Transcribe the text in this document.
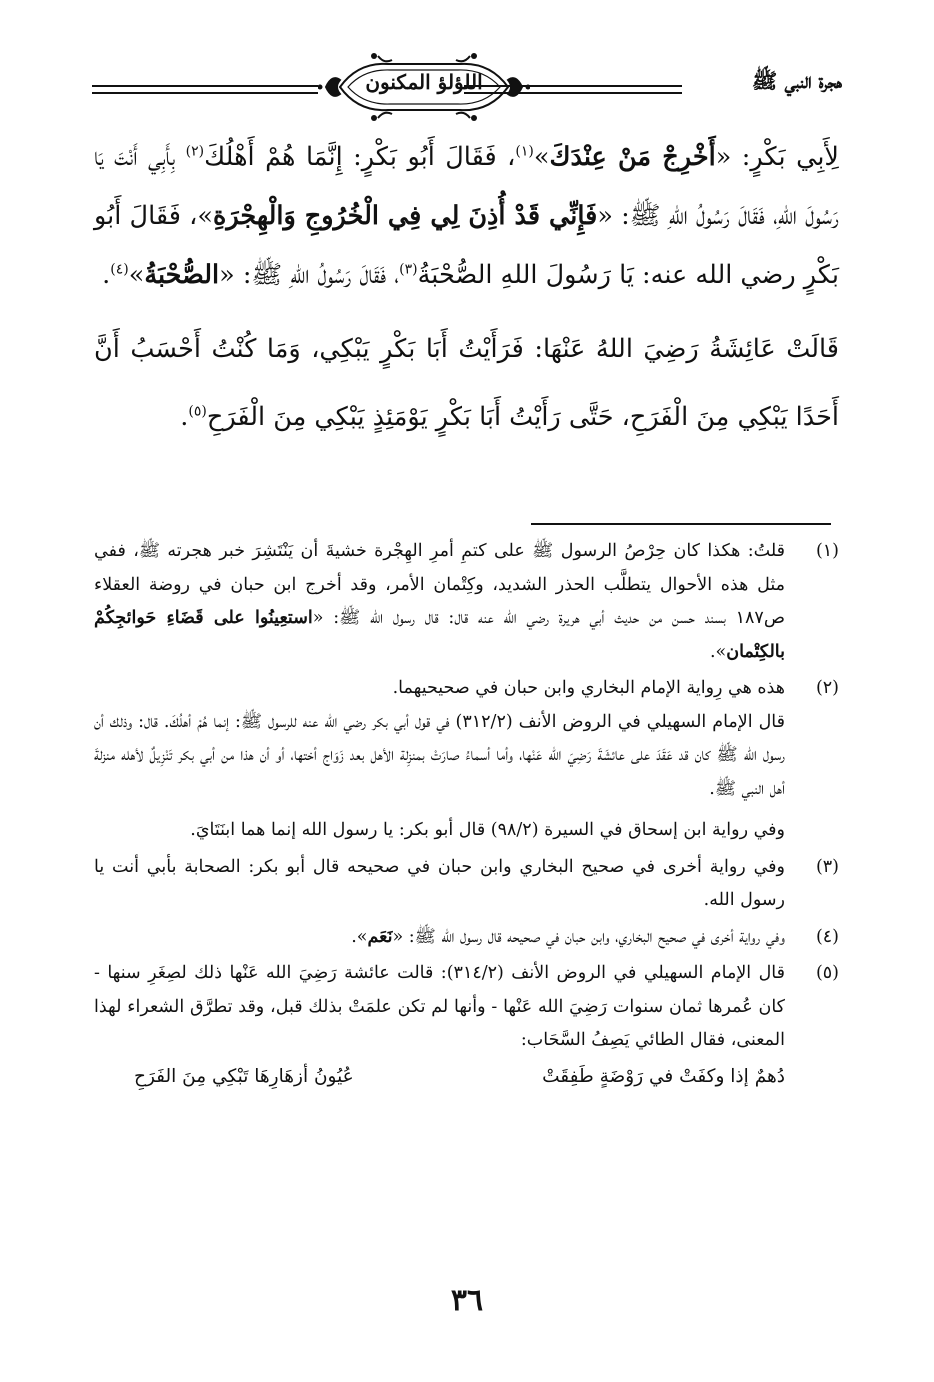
هجرة النبي ﷺ
اللؤلؤ المكنون

لِأَبِي بَكْرٍ: «أَخْرِجْ مَنْ عِنْدَكَ»$^{(١)}$، فَقَالَ أَبُو بَكْرٍ: إِنَّمَا هُمْ أَهْلُكَ$^{(٢)}$ بِأَبِي أَنْتَ يَا رَسُولَ اللهِ، فَقَالَ رَسُولُ اللهِ ﷺ: «فَإِنِّي قَدْ أُذِنَ لِي فِي الْخُرُوجِ وَالْهِجْرَةِ»، فَقَالَ أَبُو بَكْرٍ رضي الله عنه: يَا رَسُولَ اللهِ الصُّحْبَةُ$^{(٣)}$، فَقَالَ رَسُولُ اللهِ ﷺ: «الصُّحْبَةُ»$^{(٤)}$.

قَالَتْ عَائِشَةُ رَضِيَ اللهُ عَنْهَا: فَرَأَيْتُ أَبَا بَكْرٍ يَبْكِي، وَمَا كُنْتُ أَحْسَبُ أَنَّ أَحَدًا يَبْكِي مِنَ الْفَرَحِ، حَتَّى رَأَيْتُ أَبَا بَكْرٍ يَوْمَئِذٍ يَبْكِي مِنَ الْفَرَحِ$^{(٥)}$.

(١)

قلتُ: هكذا كان حِرْصُ الرسول ﷺ على كتمِ أمرِ الهِجْرة خشيةَ أن يَنْتَشِرَ خبر هجرته ﷺ، ففي مثل هذه الأحوال يتطلَّب الحذر الشديد، وكِتْمان الأمر، وقد أخرج ابن حبان في روضة العقلاء ص١٨٧ بسند حسن من حديث أبي هريرة رضي الله عنه قال: قال رسول الله ﷺ: «استعِينُوا على قَضَاءِ حَوائجِكُمْ بالكِتْمان».

(٢)

هذه هي رِواية الإمام البخاري وابن حبان في صحيحيهما.

قال الإمام السهيلي في الروض الأنف (٣١٢/٢) في قول أبي بكر رضي الله عنه للرسول ﷺ: إنما هُمْ أهلُكَ. قال: وذلك أن رسول الله ﷺ كان قد عَقَدَ على عائشَةَ رَضِيَ الله عَنْها، وأما أسماءُ صارَتْ بمنزِلة الأهل بعد زَوَاج أختها، أو أن هذا من أبي بكر تَنْزِيلٌ لأهله منزلةَ أهل النبي ﷺ.

وفي رواية ابن إسحاق في السيرة (٩٨/٢) قال أبو بكر: يا رسول الله إنما هما ابنَتَايَ.

(٣)

وفي رواية أخرى في صحيح البخاري وابن حبان في صحيحه قال أبو بكر: الصحابة بأبي أنت يا رسول الله.

(٤)

وفي رواية أخرى في صحيح البخاري، وابن حبان في صحيحه قال رسول الله ﷺ: «نَعَم».

(٥)

قال الإمام السهيلي في الروض الأنف (٣١٤/٢): قالت عائشة رَضِيَ الله عَنْها ذلك لصِغَرِ سنها - كان عُمرها ثمان سنوات رَضِيَ الله عَنْها - وأنها لم تكن علمَتْ بذلك قبل، وقد تطرَّق الشعراء لهذا المعنى، فقال الطائي يَصِفُ السَّحَاب:

دُهمٌ إذا وكفَتْ في رَوْضَةٍ طَفِقَتْ
عُيُونُ أزهَارِهَا تَبْكِي مِنَ الفَرَحِ
٣٦
